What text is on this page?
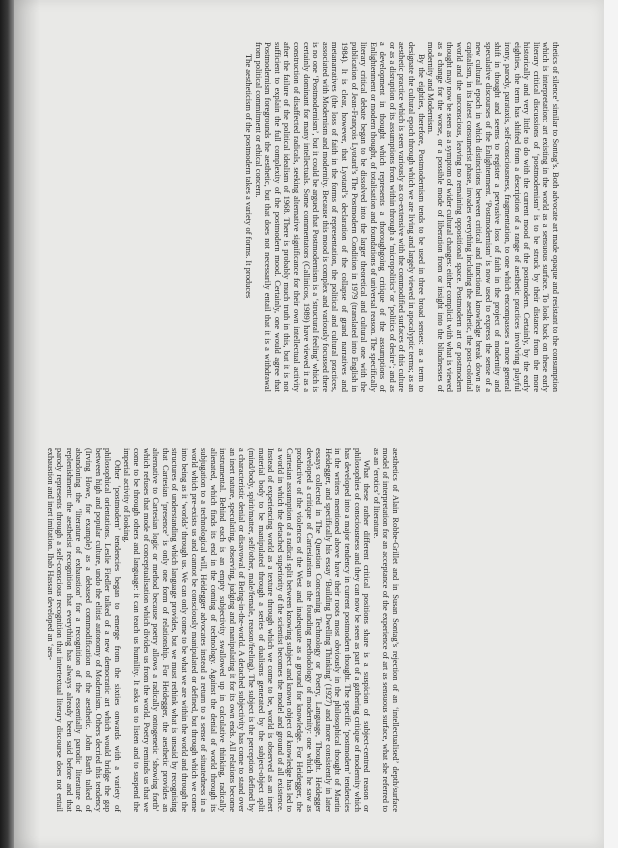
thetics of silence’ similar to Sontag’s. Both advocate art made opaque and resistant to the consumption which is interpretation: art existing in the world as a sensuous surface. To look back on these early literary critical discussions of ‘postmodernism’ is to be struck by their distance from the more historically and very little to do with the current mood of the postmodern. Certainly, by the early eighties, the term has shifted from a description of a range of aesthetic practices involving playful irony, parody, parataxis, self-consciousness, fragmentation, to one which encompasses a more general shift in thought and seems to register a pervasive loss of faith in the project of modernity and speculative discourses of the Enlightenment. ‘Postmodernism’ is now used to express the sense of a new cultural epoch in which distinctions between critical and functional knowledge break down as capitalism, in its latest consumerist phase, invades everything including the aesthetic, the post-colonial world and the unconscious, leaving no remaining oppositional space. Postmodern art or postmodern thought may now be seen as a symptom of wider cultural changes: either complicit with what is viewed as a change for the worse, or a possible mode of liberation from or insight into the blindnesses of modernity and Modernism.

By the eighties, therefore, Postmodernism tends to be used in three broad senses: as a term to designate the cultural epoch through which we are living and largely viewed in apocalyptic terms; as an aesthetic practice which is seen variously as co-extensive with the commodified surfaces of this culture or as a disruption of its assumptions from within through a ‘micropolitics’ or ‘politics of desire’; and as a development in thought which represents a thoroughgoing critique of the assumptions of Enlightenment or modern thought, of totalisation and foundations of universal reason. The specifically literary critical debate began to be dissolved into the larger theoretical and cultural one with the publication of Jean-François Lyotard’s The Postmodern Condition in 1979 (translated into English in 1984). It is clear, however, that Lyotard’s declaration of the collapse of grand narratives and metanarratives (the loss of faith in the forms of representation, the political and cultural practices, associated with Modernism and modernity. Because this mood is complex and variously focussed there is no one ‘Postmodernism’, but it could be argued that Postmodernism is a ‘structural feeling’ which is certainly dominant for many intellectuals. Some commentators (Callinicos, 1989) have viewed it as a construction of disaffected radicals, seeking alternative significance for their own intellectual activity after the failure of the political idealism of 1968. There is probably much truth in this, but it is not sufficient to explain the full complexity of the postmodern mood. Certainly, one would agree that Postmodernism foregrounds the aesthetic, but that does not necessarily entail that it is a withdrawal from political commitment or ethical concern.

The aestheticism of the postmodern takes a variety of forms. It produces

aesthetics of Alain Robbe-Grillet and in Susan Sontag’s rejection of an ‘intellectualised’ depth/surface model of interpretation for an acceptance of the experience of art as sensuous surface, what she referred to as an ‘erotics’ of literature.

What these rather different critical positions share is a suspicion of subject-centred reason or philosophies of consciousness and they can now be seen as part of a gathering critique of modernity which has developed into a major tendency in current postmodern thought. The specific ‘postmodern’ tendencies in the writers mentioned above have their roots most obviously in the philosophical thought of Martin Heidegger, and specifically his essay ‘Building Dwelling Thinking’ (1927) and more consistently in later essays collected in The Question Concerning Technology or Poetry, Language, Thought. Heidegger developed a critique of Cartesianism as the founding methodology of modernity: one which he saw as productive of the violences of the West and inadequate as a ground for knowledge. For Heidegger, the Cartesian assumption of a radical split between knowing subject and known object of knowledge has led to a world in which the detached superiority of the scientist becomes the model and ground of all existence. Instead of experiencing world as a texture through which we come to be, world is observed as an inert material body to be manipulated through a series of dualisms generated by the subject-object split (mind/body, spirit/matter, self/other, male/female, reason/feeling). The subject is the perception defined by a characteristic denial or disavowal of Being-in-the-world. A detached subjectivity has come to stand over an inert nature, speculating, observing, judging and manipulating it for its own ends. All relations become instrumental. Behind each is an empty subjectivity swallowed up in calculative thinking, radically alienated, which finds its end in the coming of technology. Against the denial of world through its subjugation to a technological will, Heidegger advocates instead a return to a sense of situatedness in a world which pre-exists us and cannot be consciously manipulated or defined, but through which we come into being as it ‘worlds’ through us. We can only come to be what we are within the world and through the structures of understanding which language provides, but we must rethink what is unsaid by recognising that Cartesian ‘presence’ is only one form of relationship. For Heidegger, the aesthetic provides an alternative to Cartesian logic or method because poetry allows a radically ontogenetic ‘showing forth’ which refuses that mode of conceptualisation which divides us from the world. Poetry reminds us that we come to be through others and language: it can teach us humility. It asks us to listen and to suspend the imperial activity of looking.

Other ‘postmodern’ tendencies began to emerge from the sixties onwards with a variety of philosophical orientations. Leslie Fiedler talked of a new democratic art which would bridge the gap between high and popular culture, undo the elitist autonomy of Modernism. Others decried this tendency (Irving Howe, for example) as a debased commodification of the aesthetic. John Barth talked of abandoning the ‘literature of exhaustion’ for a recognition of the essentially parodic literature of replenishment: the aesthetist recognition that everything has always already been said before and that parody represents through a self-conscious recognition that intertextual literary discourse does not entail exhaustion and inert imitation. Ihab Hassan developed an ‘aes-
